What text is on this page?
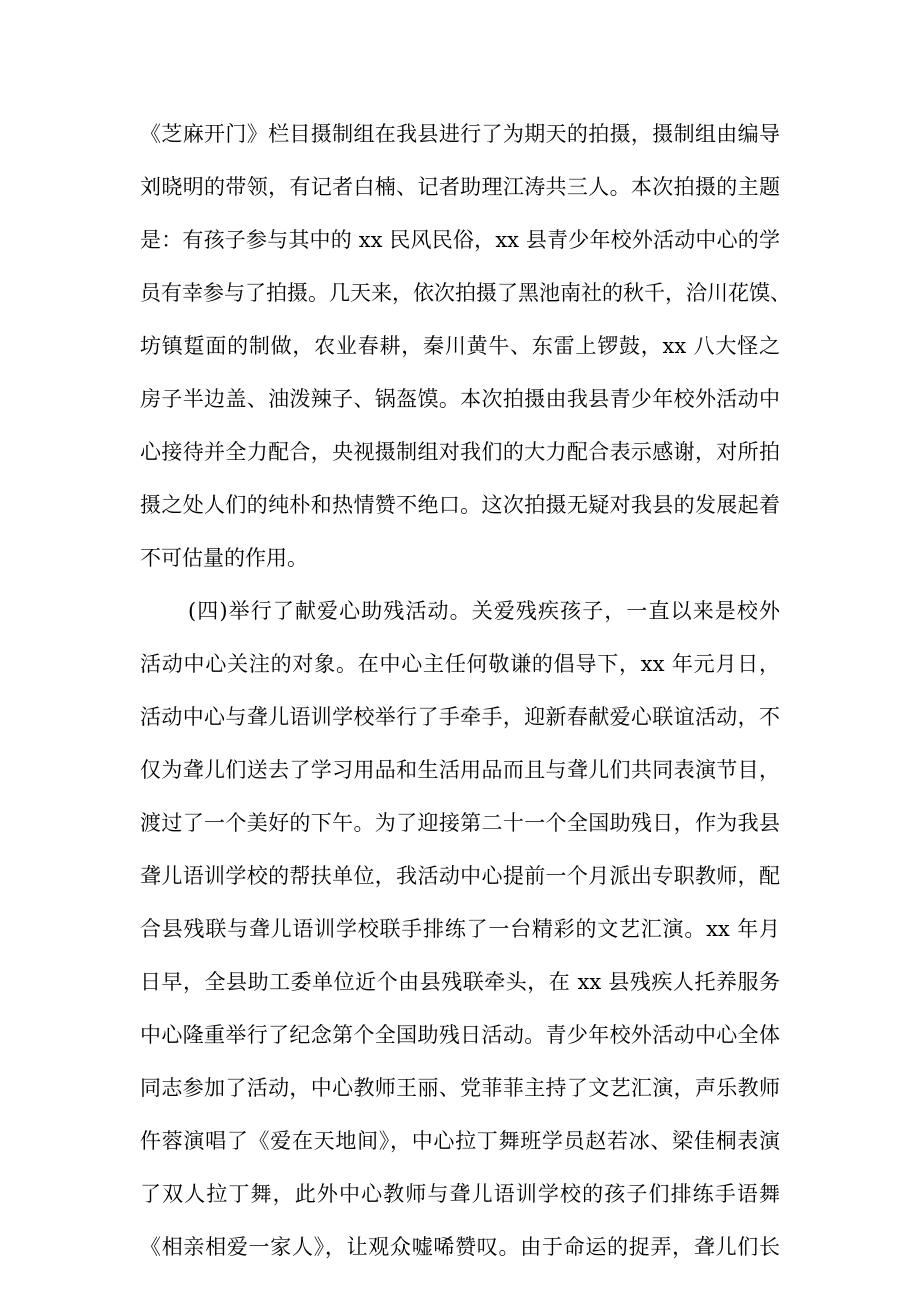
《芝麻开门》栏目摄制组在我县进行了为期天的拍摄，摄制组由编导
刘晓明的带领，有记者白楠、记者助理江涛共三人。本次拍摄的主题
是：有孩子参与其中的 xx 民风民俗，xx 县青少年校外活动中心的学
员有幸参与了拍摄。几天来，依次拍摄了黑池南社的秋千，洽川花馍、
坊镇踅面的制做，农业春耕，秦川黄牛、东雷上锣鼓，xx 八大怪之
房子半边盖、油泼辣子、锅盔馍。本次拍摄由我县青少年校外活动中
心接待并全力配合，央视摄制组对我们的大力配合表示感谢，对所拍
摄之处人们的纯朴和热情赞不绝口。这次拍摄无疑对我县的发展起着
不可估量的作用。
(四)举行了献爱心助残活动。关爱残疾孩子，一直以来是校外
活动中心关注的对象。在中心主任何敬谦的倡导下，xx 年元月日，
活动中心与聋儿语训学校举行了手牵手，迎新春献爱心联谊活动，不
仅为聋儿们送去了学习用品和生活用品而且与聋儿们共同表演节目，
渡过了一个美好的下午。为了迎接第二十一个全国助残日，作为我县
聋儿语训学校的帮扶单位，我活动中心提前一个月派出专职教师，配
合县残联与聋儿语训学校联手排练了一台精彩的文艺汇演。xx 年月
日早，全县助工委单位近个由县残联牵头，在 xx 县残疾人托养服务
中心隆重举行了纪念第个全国助残日活动。青少年校外活动中心全体
同志参加了活动，中心教师王丽、党菲菲主持了文艺汇演，声乐教师
仵蓉演唱了《爱在天地间》，中心拉丁舞班学员赵若冰、梁佳桐表演
了双人拉丁舞，此外中心教师与聋儿语训学校的孩子们排练手语舞
《相亲相爱一家人》，让观众嘘唏赞叹。由于命运的捉弄，聋儿们长
